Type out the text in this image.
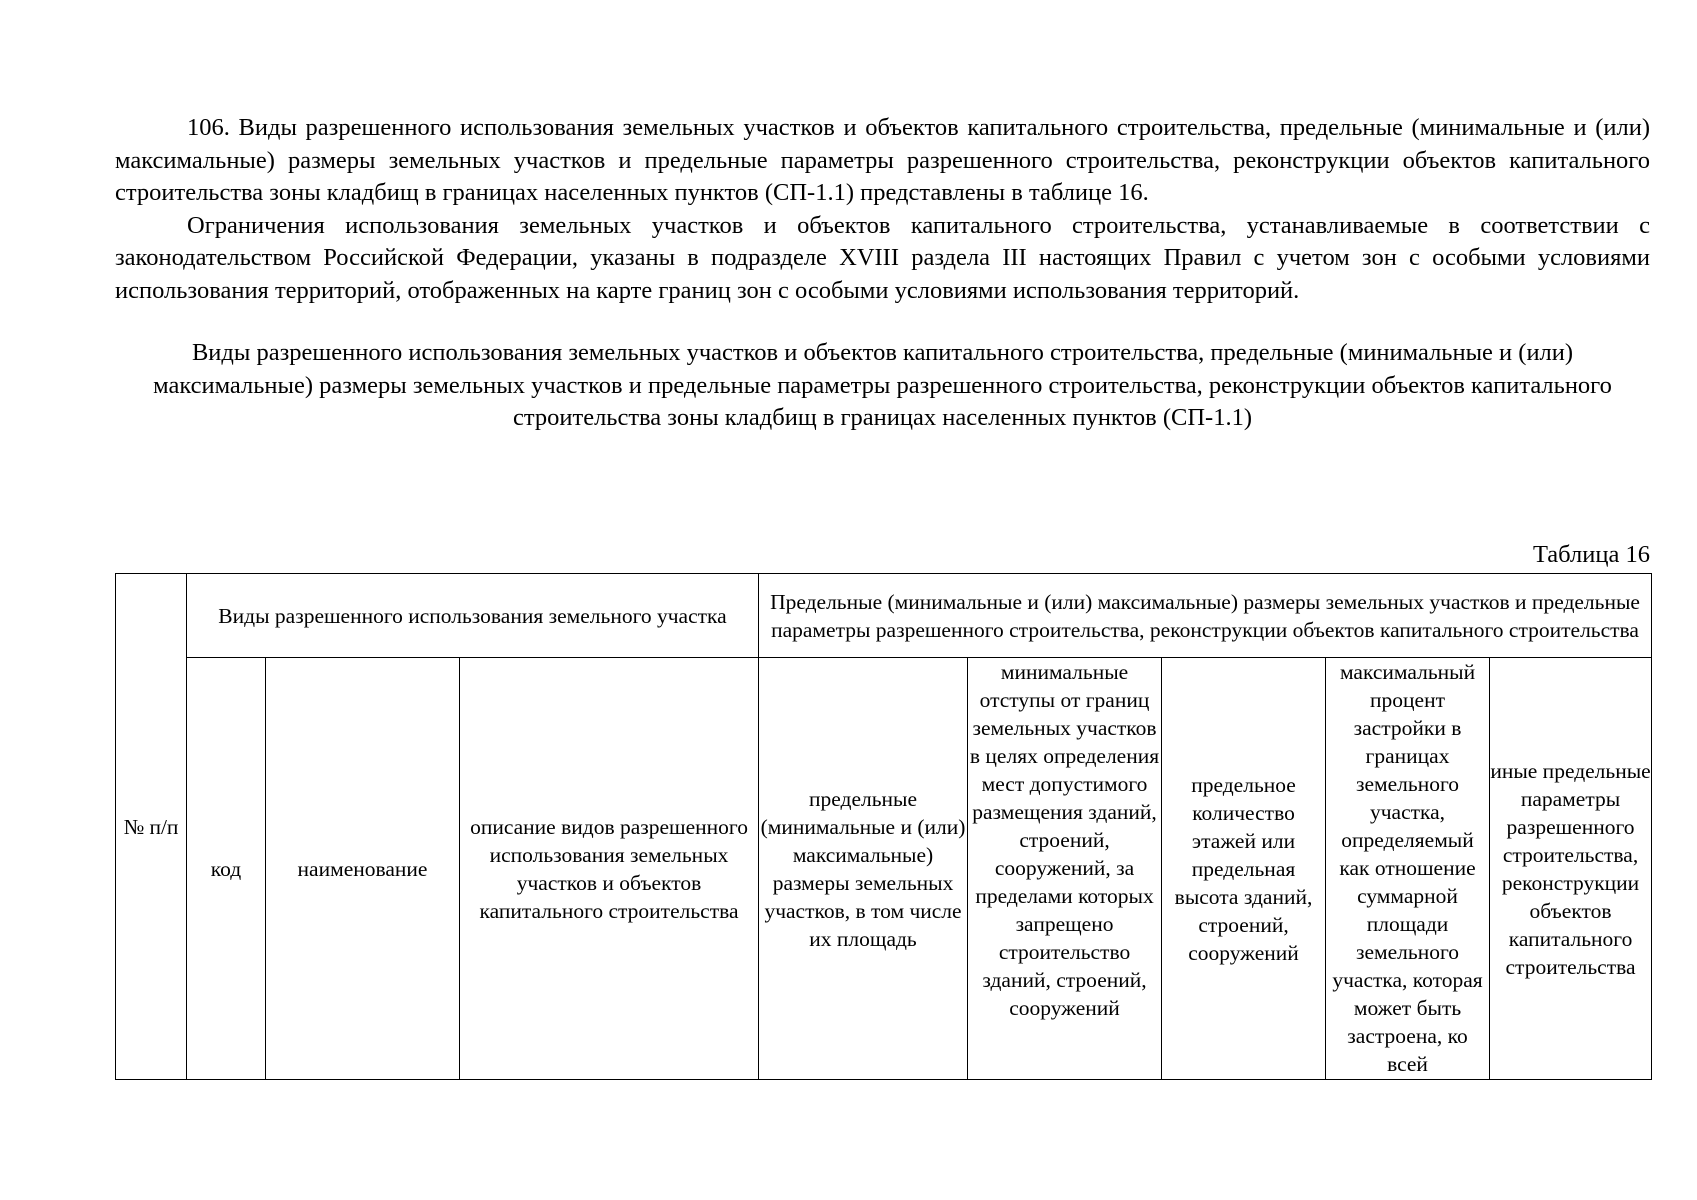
106. Виды разрешенного использования земельных участков и объектов капитального строительства, предельные (минимальные и (или) максимальные) размеры земельных участков и предельные параметры разрешенного строительства, реконструкции объектов капитального строительства зоны кладбищ в границах населенных пунктов (СП-1.1) представлены в таблице 16.

Ограничения использования земельных участков и объектов капитального строительства, устанавливаемые в соответствии с законодательством Российской Федерации, указаны в подразделе XVIII раздела III настоящих Правил с учетом зон с особыми условиями использования территорий, отображенных на карте границ зон с особыми условиями использования территорий.

Виды разрешенного использования земельных участков и объектов капитального строительства, предельные (минимальные и (или) максимальные) размеры земельных участков и предельные параметры разрешенного строительства, реконструкции объектов капитального строительства зоны кладбищ в границах населенных пунктов (СП-1.1)

Таблица 16
№ п/п	Виды разрешенного использования земельного участка			Предельные (минимальные и (или) максимальные) размеры земельных участков и предельные параметры разрешенного строительства, реконструкции объектов капитального строительства				
	код	наименование	описание видов разрешенного использования земельных участков и объектов капитального строительства	предельные (минимальные и (или) максимальные) размеры земельных участков, в том числе их площадь	минимальные отступы от границ земельных участков в целях определения мест допустимого размещения зданий, строений, сооружений, за пределами которых запрещено строительство зданий, строений, сооружений	предельное количество этажей или предельная высота зданий, строений, сооружений	максимальный процент застройки в границах земельного участка, определяемый как отношение суммарной площади земельного участка, которая может быть застроена, ко всей	иные предельные параметры разрешенного строительства, реконструкции объектов капитального строительства
